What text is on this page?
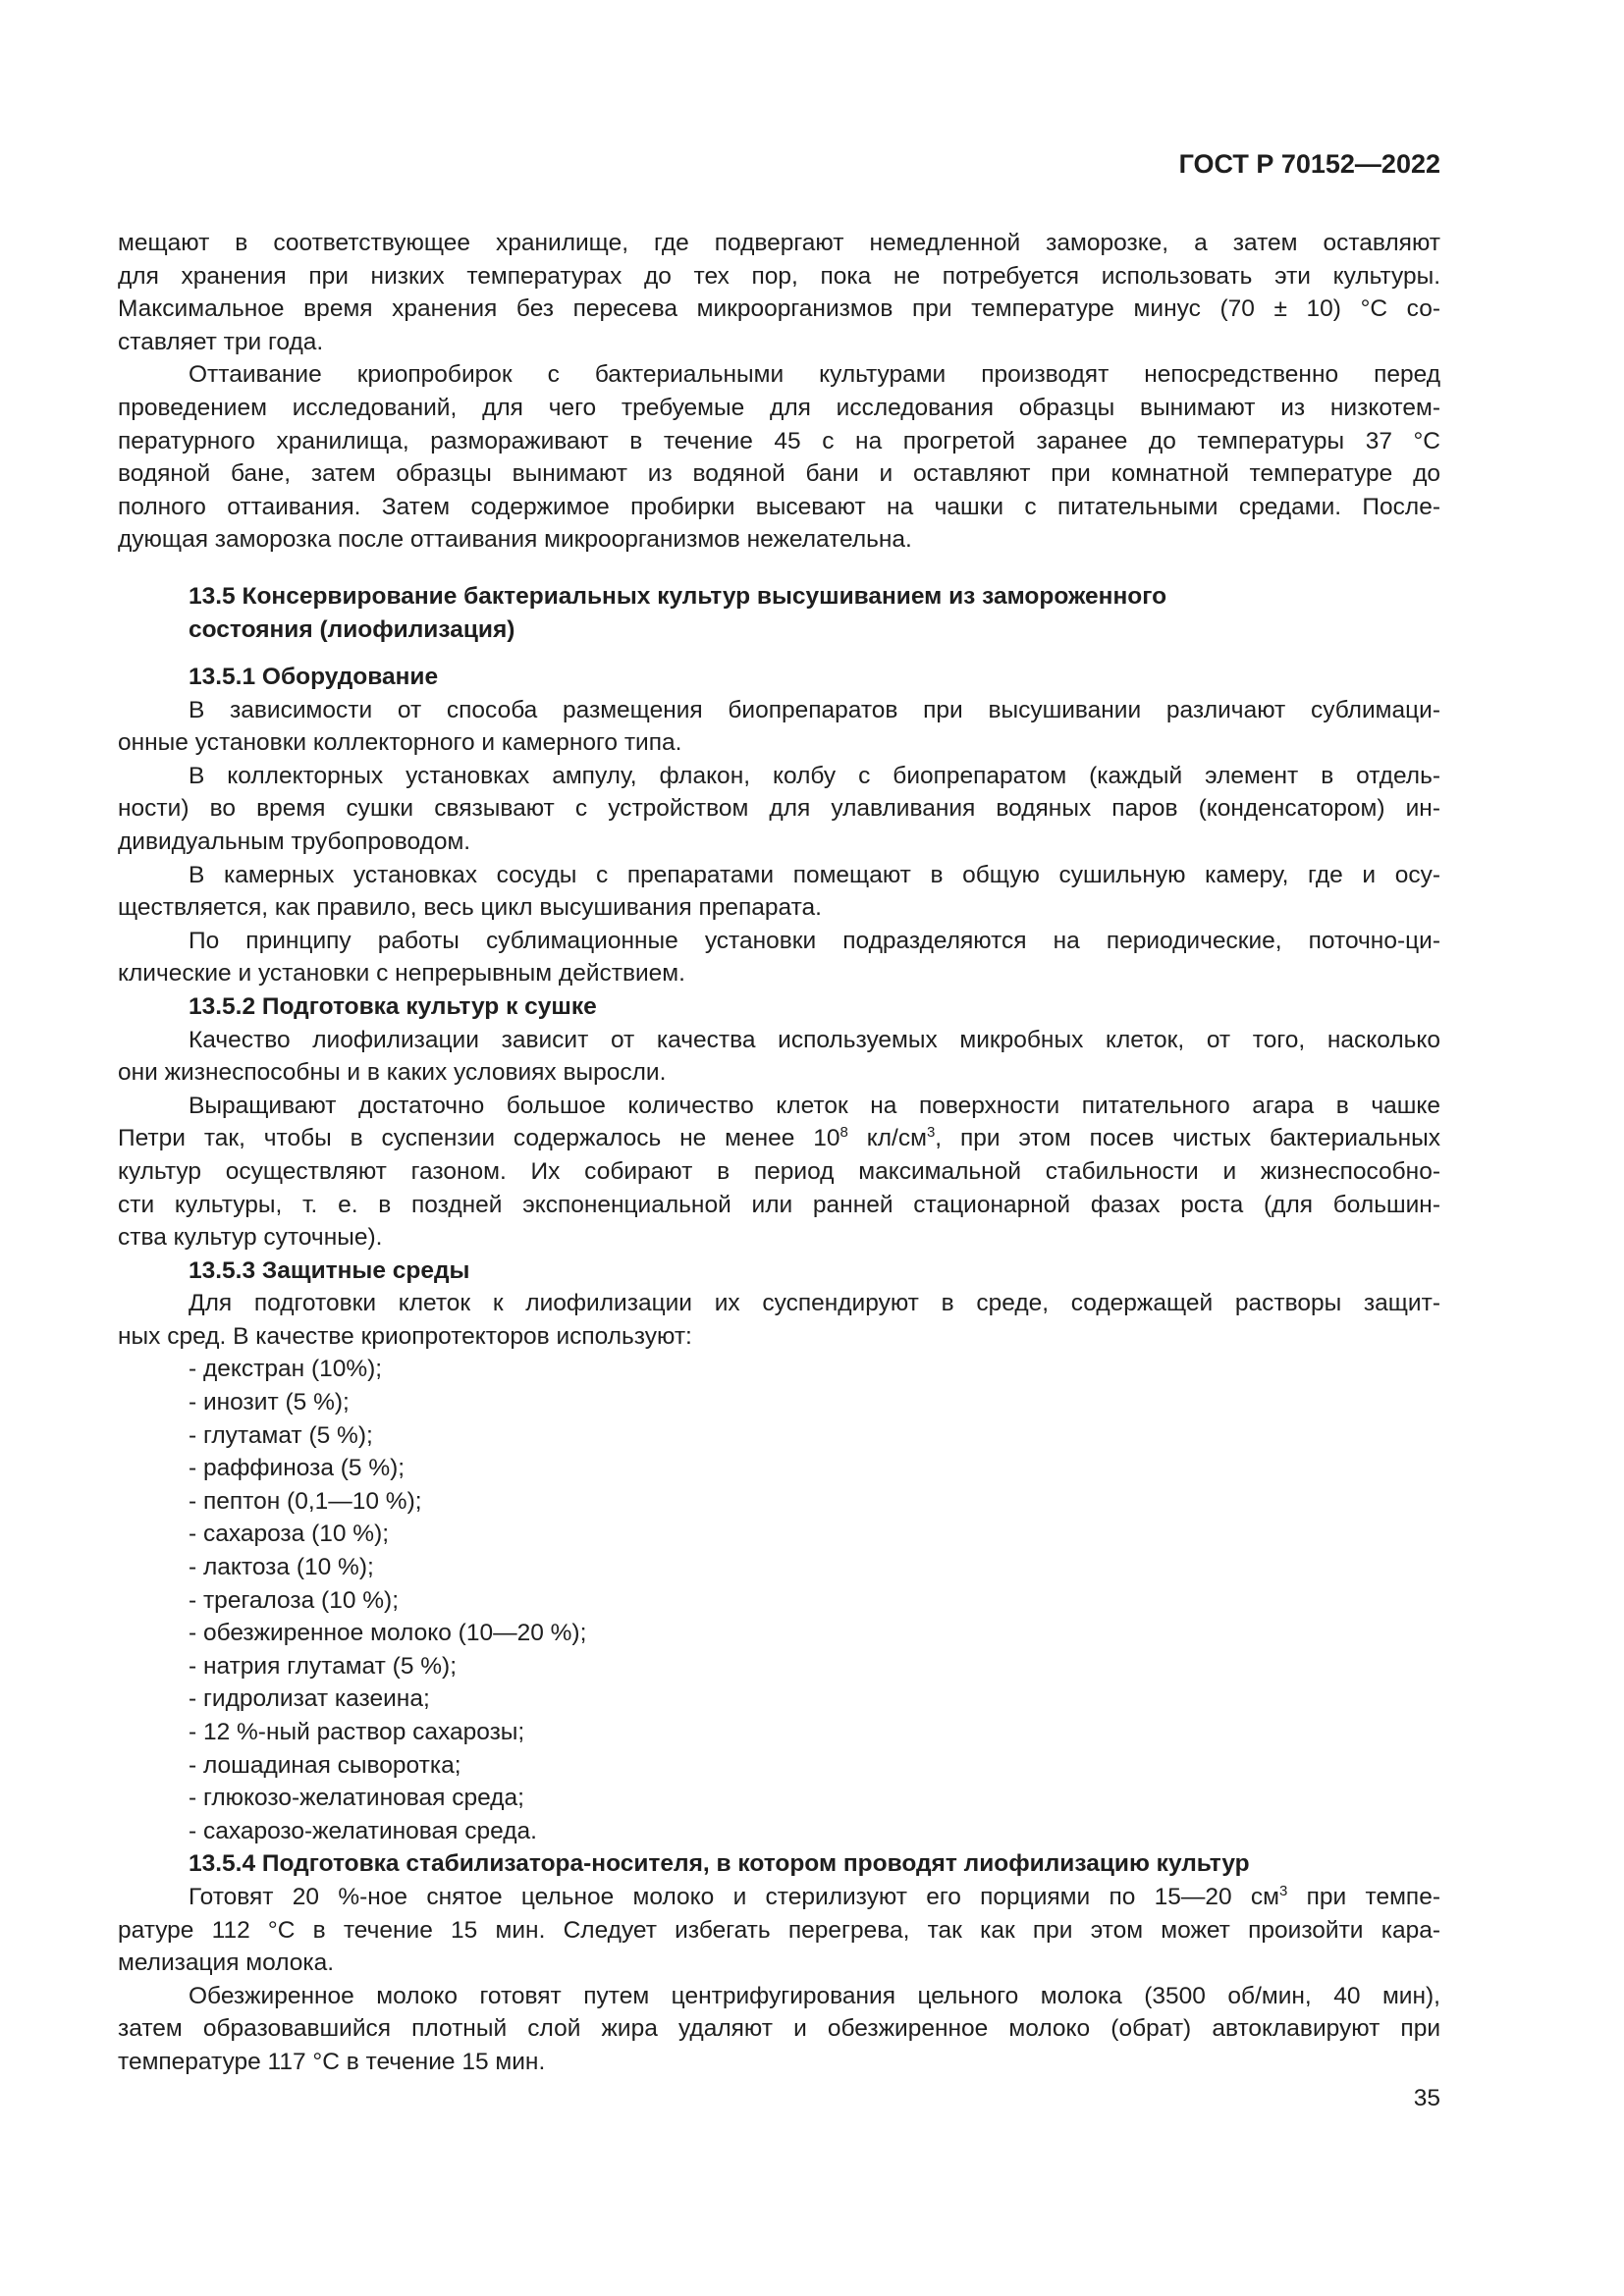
ГОСТ Р 70152—2022
мещают в соответствующее хранилище, где подвергают немедленной заморозке, а затем оставляют
для хранения при низких температурах до тех пор, пока не потребуется использовать эти культуры.
Максимальное время хранения без пересева микроорганизмов при температуре минус (70 ± 10) °С со-
ставляет три года.
Оттаивание криопробирок с бактериальными культурами производят непосредственно перед
проведением исследований, для чего требуемые для исследования образцы вынимают из низкотем-
пературного хранилища, размораживают в течение 45 с на прогретой заранее до температуры 37 °С
водяной бане, затем образцы вынимают из водяной бани и оставляют при комнатной температуре до
полного оттаивания. Затем содержимое пробирки высевают на чашки с питательными средами. После-
дующая заморозка после оттаивания микроорганизмов нежелательна.
13.5 Консервирование бактериальных культур высушиванием из замороженного
состояния (лиофилизация)
13.5.1 Оборудование
В зависимости от способа размещения биопрепаратов при высушивании различают сублимаци-
онные установки коллекторного и камерного типа.
В коллекторных установках ампулу, флакон, колбу с биопрепаратом (каждый элемент в отдель-
ности) во время сушки связывают с устройством для улавливания водяных паров (конденсатором) ин-
дивидуальным трубопроводом.
В камерных установках сосуды с препаратами помещают в общую сушильную камеру, где и осу-
ществляется, как правило, весь цикл высушивания препарата.
По принципу работы сублимационные установки подразделяются на периодические, поточно-ци-
клические и установки с непрерывным действием.
13.5.2 Подготовка культур к сушке
Качество лиофилизации зависит от качества используемых микробных клеток, от того, насколько
они жизнеспособны и в каких условиях выросли.
Выращивают достаточно большое количество клеток на поверхности питательного агара в чашке
Петри так, чтобы в суспензии содержалось не менее $10^8$ $кл/см^3$, при этом посев чистых бактериальных
культур осуществляют газоном. Их собирают в период максимальной стабильности и жизнеспособно-
сти культуры, т. е. в поздней экспоненциальной или ранней стационарной фазах роста (для большин-
ства культур суточные).
13.5.3 Защитные среды
Для подготовки клеток к лиофилизации их суспендируют в среде, содержащей растворы защит-
ных сред. В качестве криопротекторов используют:
- декстран (10%);
- инозит (5 %);
- глутамат (5 %);
- раффиноза (5 %);
- пептон (0,1—10 %);
- сахароза (10 %);
- лактоза (10 %);
- трегалоза (10 %);
- обезжиренное молоко (10—20 %);
- натрия глутамат (5 %);
- гидролизат казеина;
- 12 %-ный раствор сахарозы;
- лошадиная сыворотка;
- глюкозо-желатиновая среда;
- сахарозо-желатиновая среда.
13.5.4 Подготовка стабилизатора-носителя, в котором проводят лиофилизацию культур
Готовят 20 %-ное снятое цельное молоко и стерилизуют его порциями по 15—20 $см^3$ при темпе-
ратуре 112 °С в течение 15 мин. Следует избегать перегрева, так как при этом может произойти кара-
мелизация молока.
Обезжиренное молоко готовят путем центрифугирования цельного молока (3500 об/мин, 40 мин),
затем образовавшийся плотный слой жира удаляют и обезжиренное молоко (обрат) автоклавируют при
температуре 117 °С в течение 15 мин.
35
